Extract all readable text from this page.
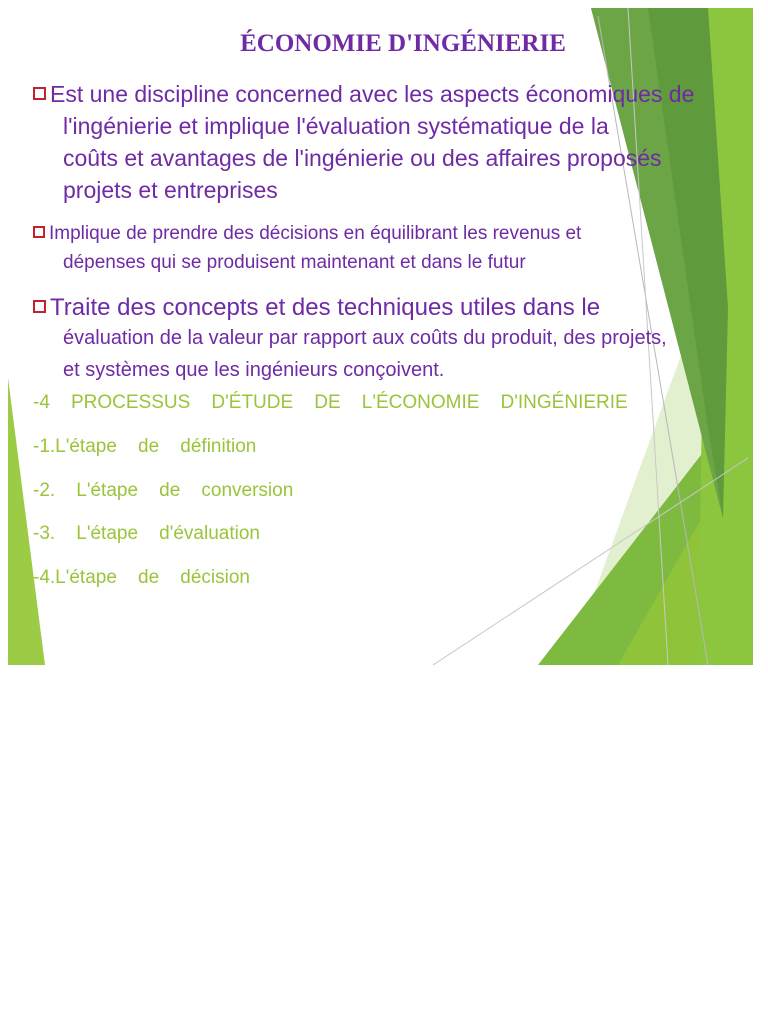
ÉCONOMIE D'INGÉNIERIE
Est une discipline concerned avec les aspects économiques de
l'ingénierie et implique l'évaluation systématique de la
coûts et avantages de l'ingénierie ou des affaires proposés
projets et entreprises
Implique de prendre des décisions en équilibrant les revenus et
dépenses qui se produisent maintenant et dans le futur
Traite des concepts et des techniques utiles dans le
évaluation de la valeur par rapport aux coûts du produit, des projets,
et systèmes que les ingénieurs conçoivent.
-4    PROCESSUS    D'ÉTUDE    DE    L'ÉCONOMIE    D'INGÉNIERIE
-1.L'étape    de    définition
-2.    L'étape    de    conversion
-3.    L'étape    d'évaluation
-4.L'étape    de    décision
